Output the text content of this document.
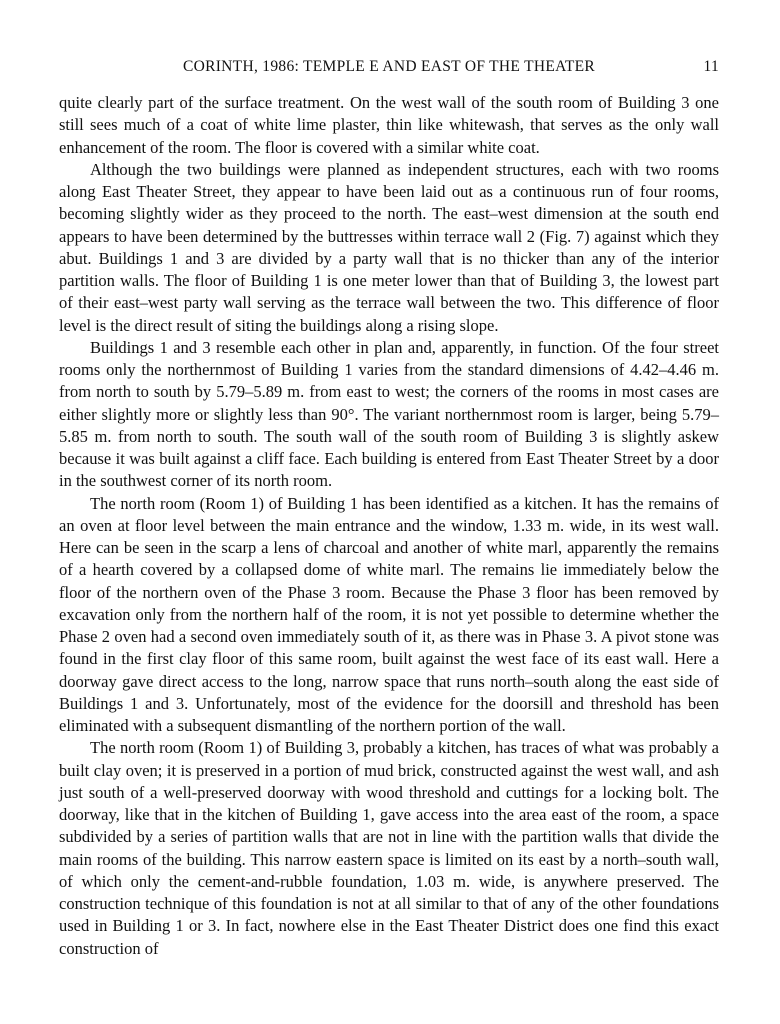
CORINTH, 1986: TEMPLE E AND EAST OF THE THEATER	11

quite clearly part of the surface treatment. On the west wall of the south room of Building 3 one still sees much of a coat of white lime plaster, thin like whitewash, that serves as the only wall enhancement of the room. The floor is covered with a similar white coat.

Although the two buildings were planned as independent structures, each with two rooms along East Theater Street, they appear to have been laid out as a continuous run of four rooms, becoming slightly wider as they proceed to the north. The east–west dimension at the south end appears to have been determined by the buttresses within terrace wall 2 (Fig. 7) against which they abut. Buildings 1 and 3 are divided by a party wall that is no thicker than any of the interior partition walls. The floor of Building 1 is one meter lower than that of Building 3, the lowest part of their east–west party wall serving as the terrace wall between the two. This difference of floor level is the direct result of siting the buildings along a rising slope.

Buildings 1 and 3 resemble each other in plan and, apparently, in function. Of the four street rooms only the northernmost of Building 1 varies from the standard dimensions of 4.42–4.46 m. from north to south by 5.79–5.89 m. from east to west; the corners of the rooms in most cases are either slightly more or slightly less than 90°. The variant northernmost room is larger, being 5.79–5.85 m. from north to south. The south wall of the south room of Building 3 is slightly askew because it was built against a cliff face. Each building is entered from East Theater Street by a door in the southwest corner of its north room.

The north room (Room 1) of Building 1 has been identified as a kitchen. It has the remains of an oven at floor level between the main entrance and the window, 1.33 m. wide, in its west wall. Here can be seen in the scarp a lens of charcoal and another of white marl, apparently the remains of a hearth covered by a collapsed dome of white marl. The remains lie immediately below the floor of the northern oven of the Phase 3 room. Because the Phase 3 floor has been removed by excavation only from the northern half of the room, it is not yet possible to determine whether the Phase 2 oven had a second oven immediately south of it, as there was in Phase 3. A pivot stone was found in the first clay floor of this same room, built against the west face of its east wall. Here a doorway gave direct access to the long, narrow space that runs north–south along the east side of Buildings 1 and 3. Unfortunately, most of the evidence for the doorsill and threshold has been eliminated with a subsequent dismantling of the northern portion of the wall.

The north room (Room 1) of Building 3, probably a kitchen, has traces of what was probably a built clay oven; it is preserved in a portion of mud brick, constructed against the west wall, and ash just south of a well-preserved doorway with wood threshold and cuttings for a locking bolt. The doorway, like that in the kitchen of Building 1, gave access into the area east of the room, a space subdivided by a series of partition walls that are not in line with the partition walls that divide the main rooms of the building. This narrow eastern space is limited on its east by a north–south wall, of which only the cement-and-rubble foundation, 1.03 m. wide, is anywhere preserved. The construction technique of this foundation is not at all similar to that of any of the other foundations used in Building 1 or 3. In fact, nowhere else in the East Theater District does one find this exact construction of
